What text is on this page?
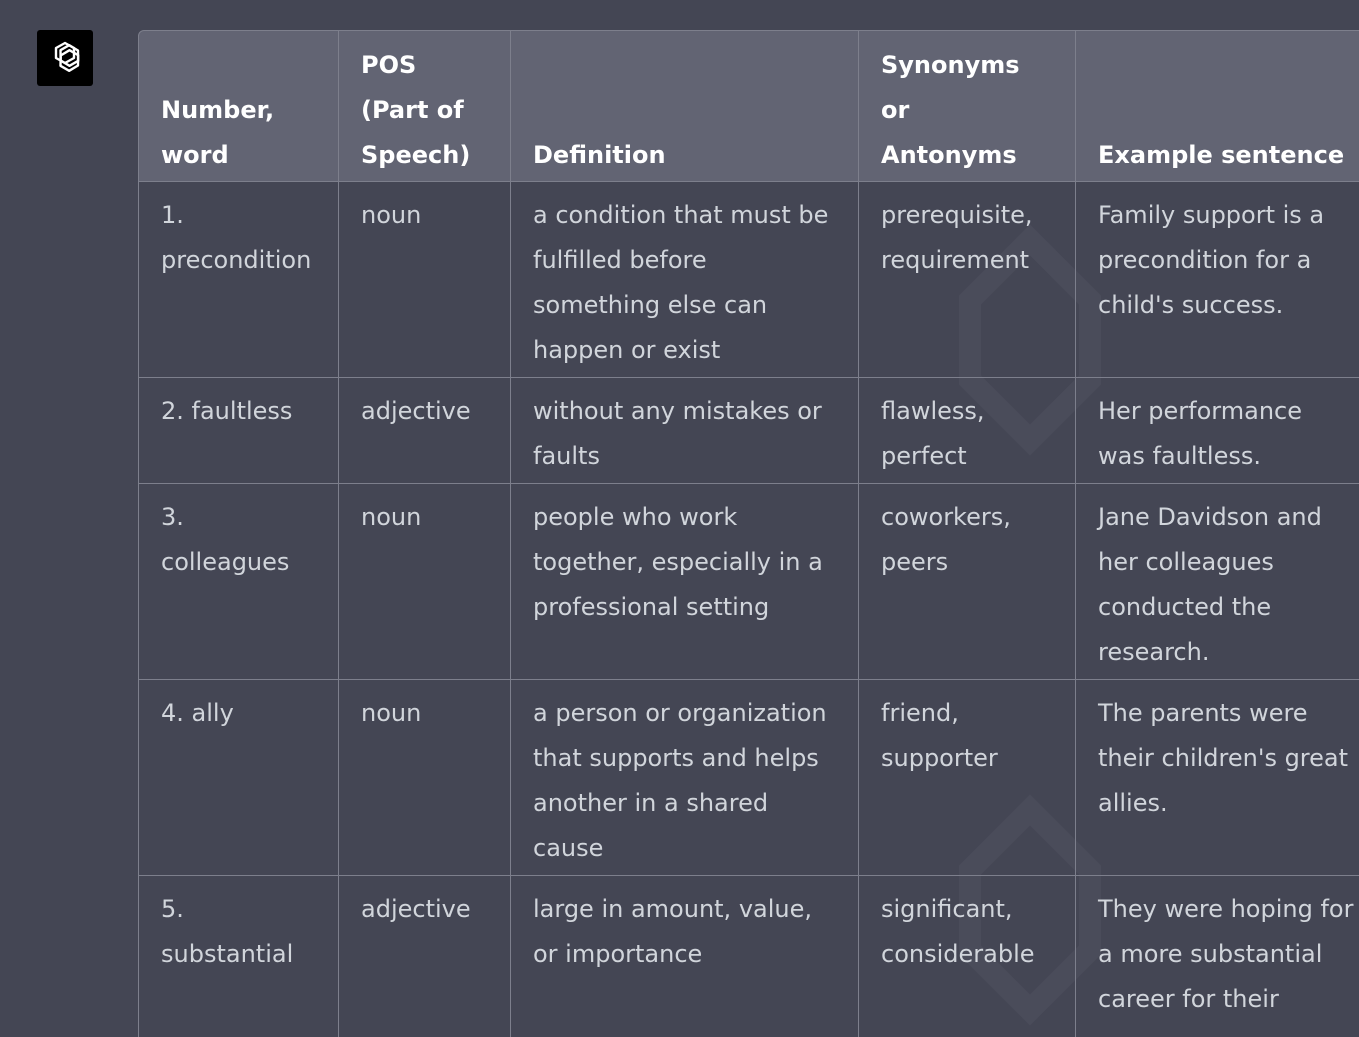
Number, word	POS (Part of Speech)	Definition	Synonyms or Antonyms	Example sentence
1. precondition	noun	a condition that must be fulfilled before something else can happen or exist	prerequisite, requirement	Family support is a precondition for a child's success.
2. faultless	adjective	without any mistakes or faults	flawless, perfect	Her performance was faultless.
3. colleagues	noun	people who work together, especially in a professional setting	coworkers, peers	Jane Davidson and her colleagues conducted the research.
4. ally	noun	a person or organization that supports and helps another in a shared cause	friend, supporter	The parents were their children's great allies.
5. substantial	adjective	large in amount, value, or importance	significant, considerable	They were hoping for a more substantial career for their
